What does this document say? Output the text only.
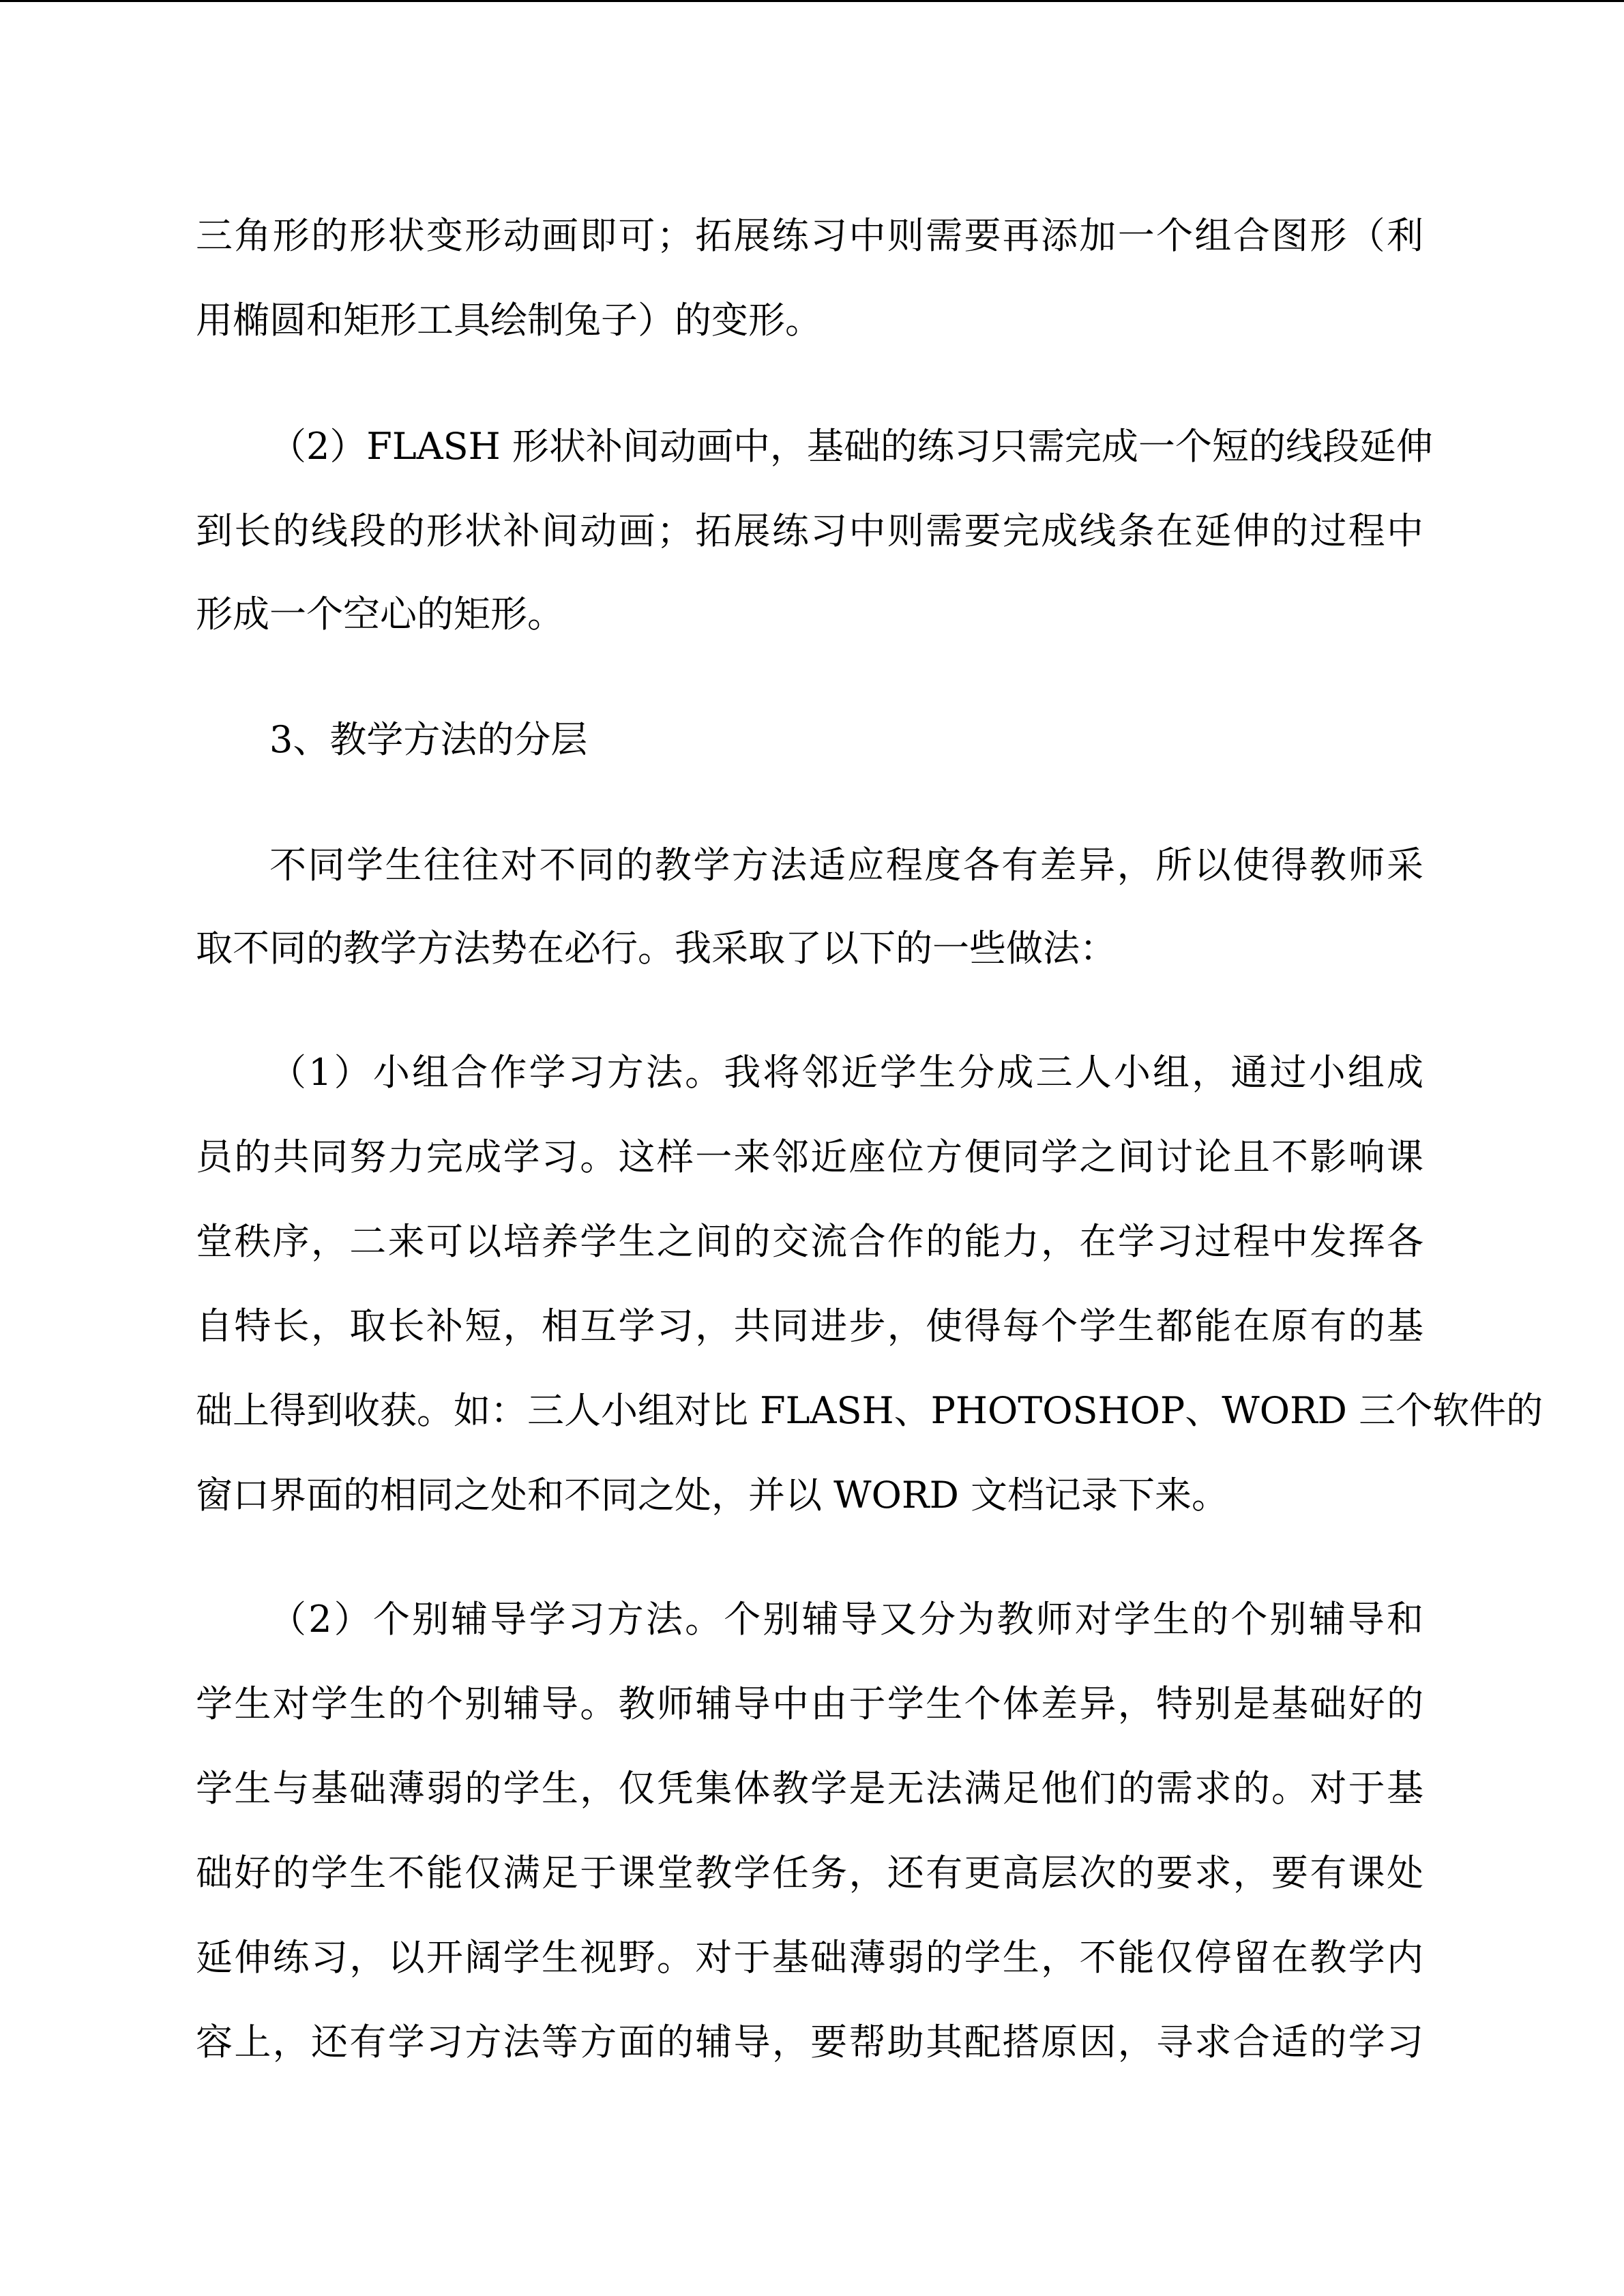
三角形的形状变形动画即可；拓展练习中则需要再添加一个组合图形（利
用椭圆和矩形工具绘制兔子）的变形。
（2）FLASH 形状补间动画中，基础的练习只需完成一个短的线段延伸
到长的线段的形状补间动画；拓展练习中则需要完成线条在延伸的过程中
形成一个空心的矩形。
3、教学方法的分层
不同学生往往对不同的教学方法适应程度各有差异，所以使得教师采
取不同的教学方法势在必行。我采取了以下的一些做法：
（1）小组合作学习方法。我将邻近学生分成三人小组，通过小组成
员的共同努力完成学习。这样一来邻近座位方便同学之间讨论且不影响课
堂秩序，二来可以培养学生之间的交流合作的能力，在学习过程中发挥各
自特长，取长补短，相互学习，共同进步，使得每个学生都能在原有的基
础上得到收获。如：三人小组对比 FLASH、PHOTOSHOP、WORD 三个软件的
窗口界面的相同之处和不同之处，并以 WORD 文档记录下来。
（2）个别辅导学习方法。个别辅导又分为教师对学生的个别辅导和
学生对学生的个别辅导。教师辅导中由于学生个体差异，特别是基础好的
学生与基础薄弱的学生，仅凭集体教学是无法满足他们的需求的。对于基
础好的学生不能仅满足于课堂教学任务，还有更高层次的要求，要有课处
延伸练习，以开阔学生视野。对于基础薄弱的学生，不能仅停留在教学内
容上，还有学习方法等方面的辅导，要帮助其配搭原因，寻求合适的学习
